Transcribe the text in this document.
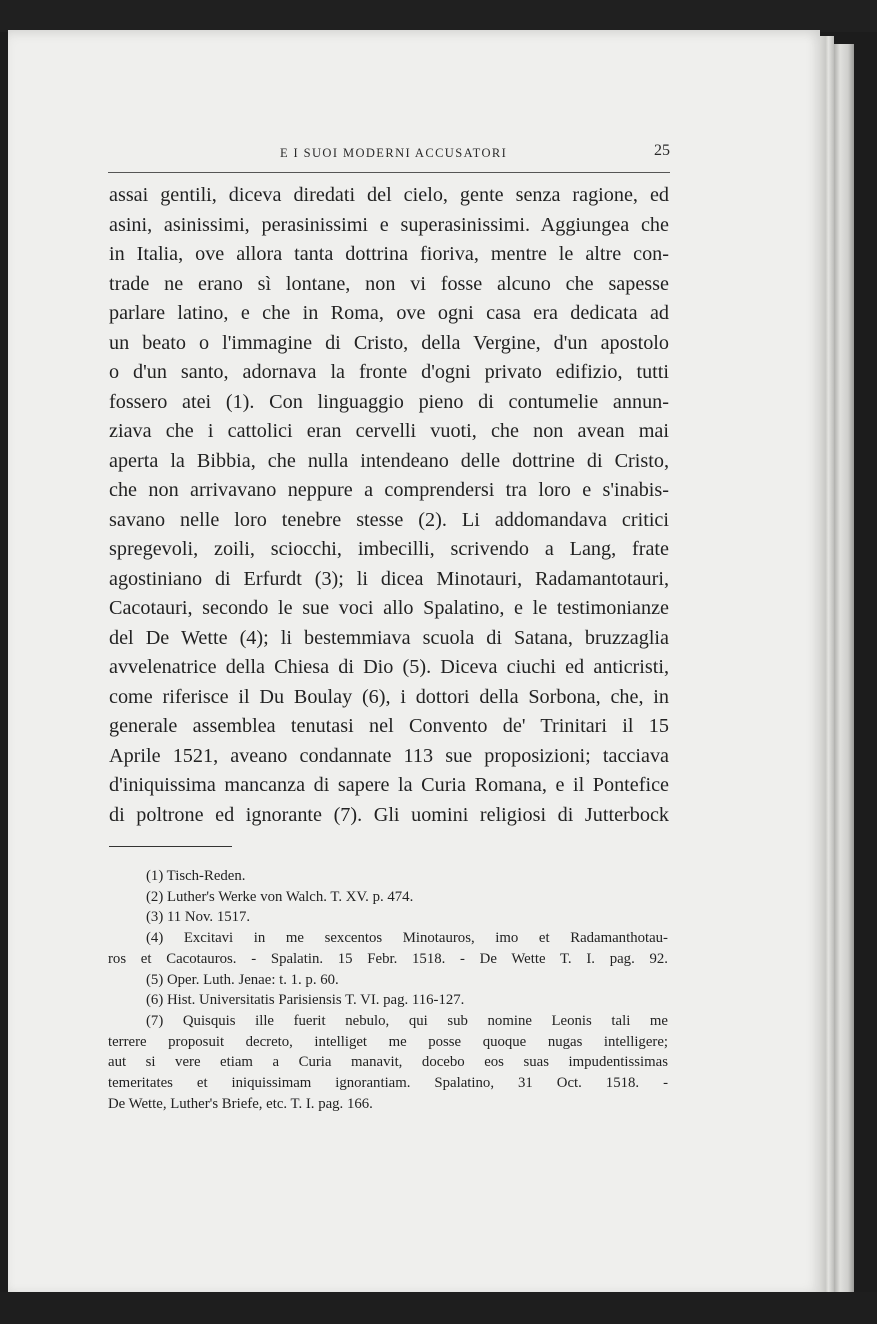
E I SUOI MODERNI ACCUSATORI	25
assai gentili, diceva diredati del cielo, gente senza ragione, ed
asini, asinissimi, perasinissimi e superasinissimi. Aggiungea che
in Italia, ove allora tanta dottrina fioriva, mentre le altre con-
trade ne erano sì lontane, non vi fosse alcuno che sapesse
parlare latino, e che in Roma, ove ogni casa era dedicata ad
un beato o l'immagine di Cristo, della Vergine, d'un apostolo
o d'un santo, adornava la fronte d'ogni privato edifizio, tutti
fossero atei (1). Con linguaggio pieno di contumelie annun-
ziava che i cattolici eran cervelli vuoti, che non avean mai
aperta la Bibbia, che nulla intendeano delle dottrine di Cristo,
che non arrivavano neppure a comprendersi tra loro e s'inabis-
savano nelle loro tenebre stesse (2). Li addomandava critici
spregevoli, zoili, sciocchi, imbecilli, scrivendo a Lang, frate
agostiniano di Erfurdt (3); li dicea Minotauri, Radamantotauri,
Cacotauri, secondo le sue voci allo Spalatino, e le testimonianze
del De Wette (4); li bestemmiava scuola di Satana, bruzzaglia
avvelenatrice della Chiesa di Dio (5). Diceva ciuchi ed anticristi,
come riferisce il Du Boulay (6), i dottori della Sorbona, che, in
generale assemblea tenutasi nel Convento de' Trinitari il 15
Aprile 1521, aveano condannate 113 sue proposizioni; tacciava
d'iniquissima mancanza di sapere la Curia Romana, e il Pontefice
di poltrone ed ignorante (7). Gli uomini religiosi di Jutterbock
(1) Tisch-Reden.
(2) Luther's Werke von Walch. T. XV. p. 474.
(3) 11 Nov. 1517.
(4) Excitavi in me sexcentos Minotauros, imo et Radamanthotau-
ros et Cacotauros. - Spalatin. 15 Febr. 1518. - De Wette T. I. pag. 92.
(5) Oper. Luth. Jenae: t. 1. p. 60.
(6) Hist. Universitatis Parisiensis T. VI. pag. 116-127.
(7) Quisquis ille fuerit nebulo, qui sub nomine Leonis tali me
terrere proposuit decreto, intelliget me posse quoque nugas intelligere;
aut si vere etiam a Curia manavit, docebo eos suas impudentissimas
temeritates et iniquissimam ignorantiam. Spalatino, 31 Oct. 1518. -
De Wette, Luther's Briefe, etc. T. I. pag. 166.
